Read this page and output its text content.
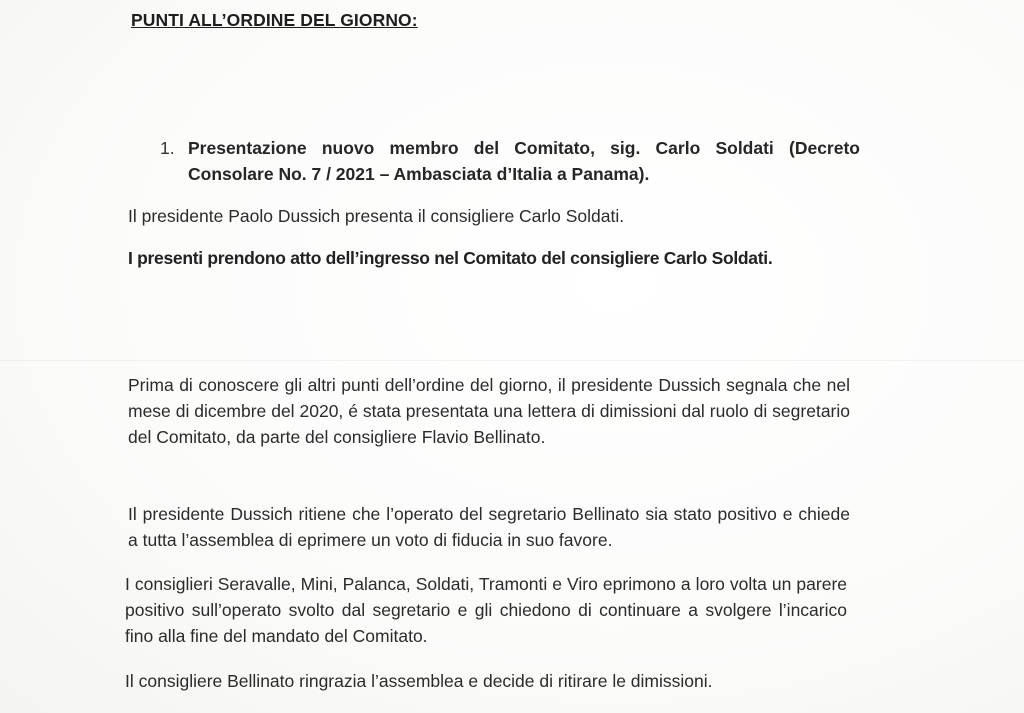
PUNTI ALL’ORDINE DEL GIORNO:
1. Presentazione nuovo membro del Comitato, sig. Carlo Soldati (Decreto Consolare No. 7 / 2021 – Ambasciata d’Italia a Panama).
Il presidente Paolo Dussich presenta il consigliere Carlo Soldati.
I presenti prendono atto dell’ingresso nel Comitato del consigliere Carlo Soldati.
Prima di conoscere gli altri punti dell’ordine del giorno, il presidente Dussich segnala che nel mese di dicembre del 2020, é stata presentata una lettera di dimissioni dal ruolo di segretario del Comitato, da parte del consigliere Flavio Bellinato.
Il presidente Dussich ritiene che l’operato del segretario Bellinato sia stato positivo e chiede a tutta l’assemblea di eprimere un voto di fiducia in suo favore.
I consiglieri Seravalle, Mini, Palanca, Soldati, Tramonti e Viro eprimono a loro volta un parere positivo sull’operato svolto dal segretario e gli chiedono di continuare a svolgere l’incarico fino alla fine del mandato del Comitato.
Il consigliere Bellinato ringrazia l’assemblea e decide di ritirare le dimissioni.
